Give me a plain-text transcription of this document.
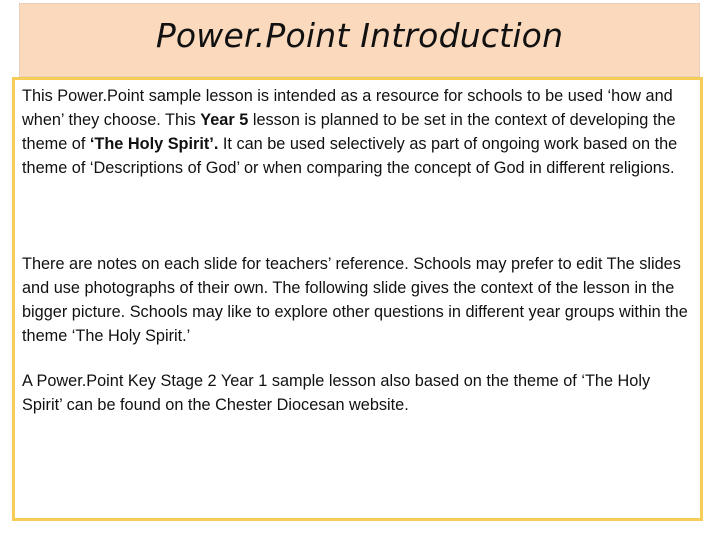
Power.Point Introduction

This Power.Point sample lesson is intended as a resource for schools to be used ‘how and when’ they choose. This Year 5 lesson is planned to be set in the context of developing the theme of ‘The Holy Spirit’. It can be used selectively as part of ongoing work based on the theme of ‘Descriptions of God’ or when comparing the concept of God in different religions.

There are notes on each slide for teachers’ reference. Schools may prefer to edit The slides and use photographs of their own. The following slide gives the context of the lesson in the bigger picture. Schools may like to explore other questions in different year groups within the theme ‘The Holy Spirit.’

A Power.Point Key Stage 2 Year 1 sample lesson also based on the theme of ‘The Holy Spirit’ can be found on the Chester Diocesan website.
